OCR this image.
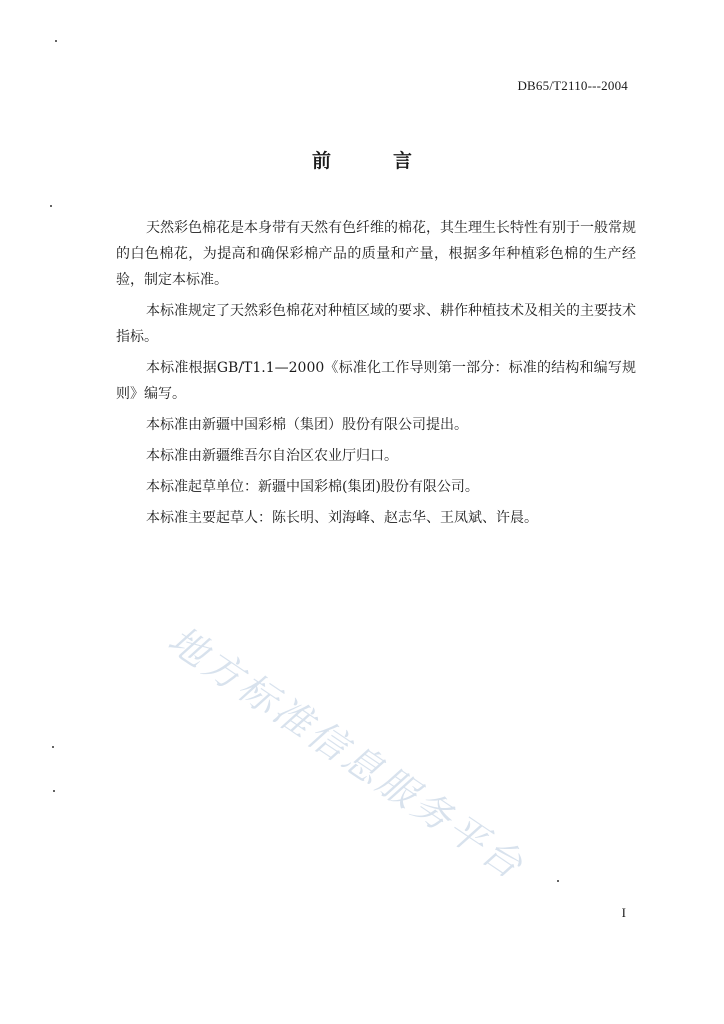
DB65/T2110---2004
前	言

天然彩色棉花是本身带有天然有色纤维的棉花，其生理生长特性有别于一般常规的白色棉花，为提高和确保彩棉产品的质量和产量，根据多年种植彩色棉的生产经验，制定本标准。

本标准规定了天然彩色棉花对种植区域的要求、耕作种植技术及相关的主要技术指标。

本标准根据GB/T1.1—2000《标准化工作导则第一部分：标准的结构和编写规则》编写。

本标准由新疆中国彩棉（集团）股份有限公司提出。

本标准由新疆维吾尔自治区农业厅归口。

本标准起草单位：新疆中国彩棉(集团)股份有限公司。

本标准主要起草人：陈长明、刘海峰、赵志华、王凤斌、许晨。

地方标准信息服务平台
I
